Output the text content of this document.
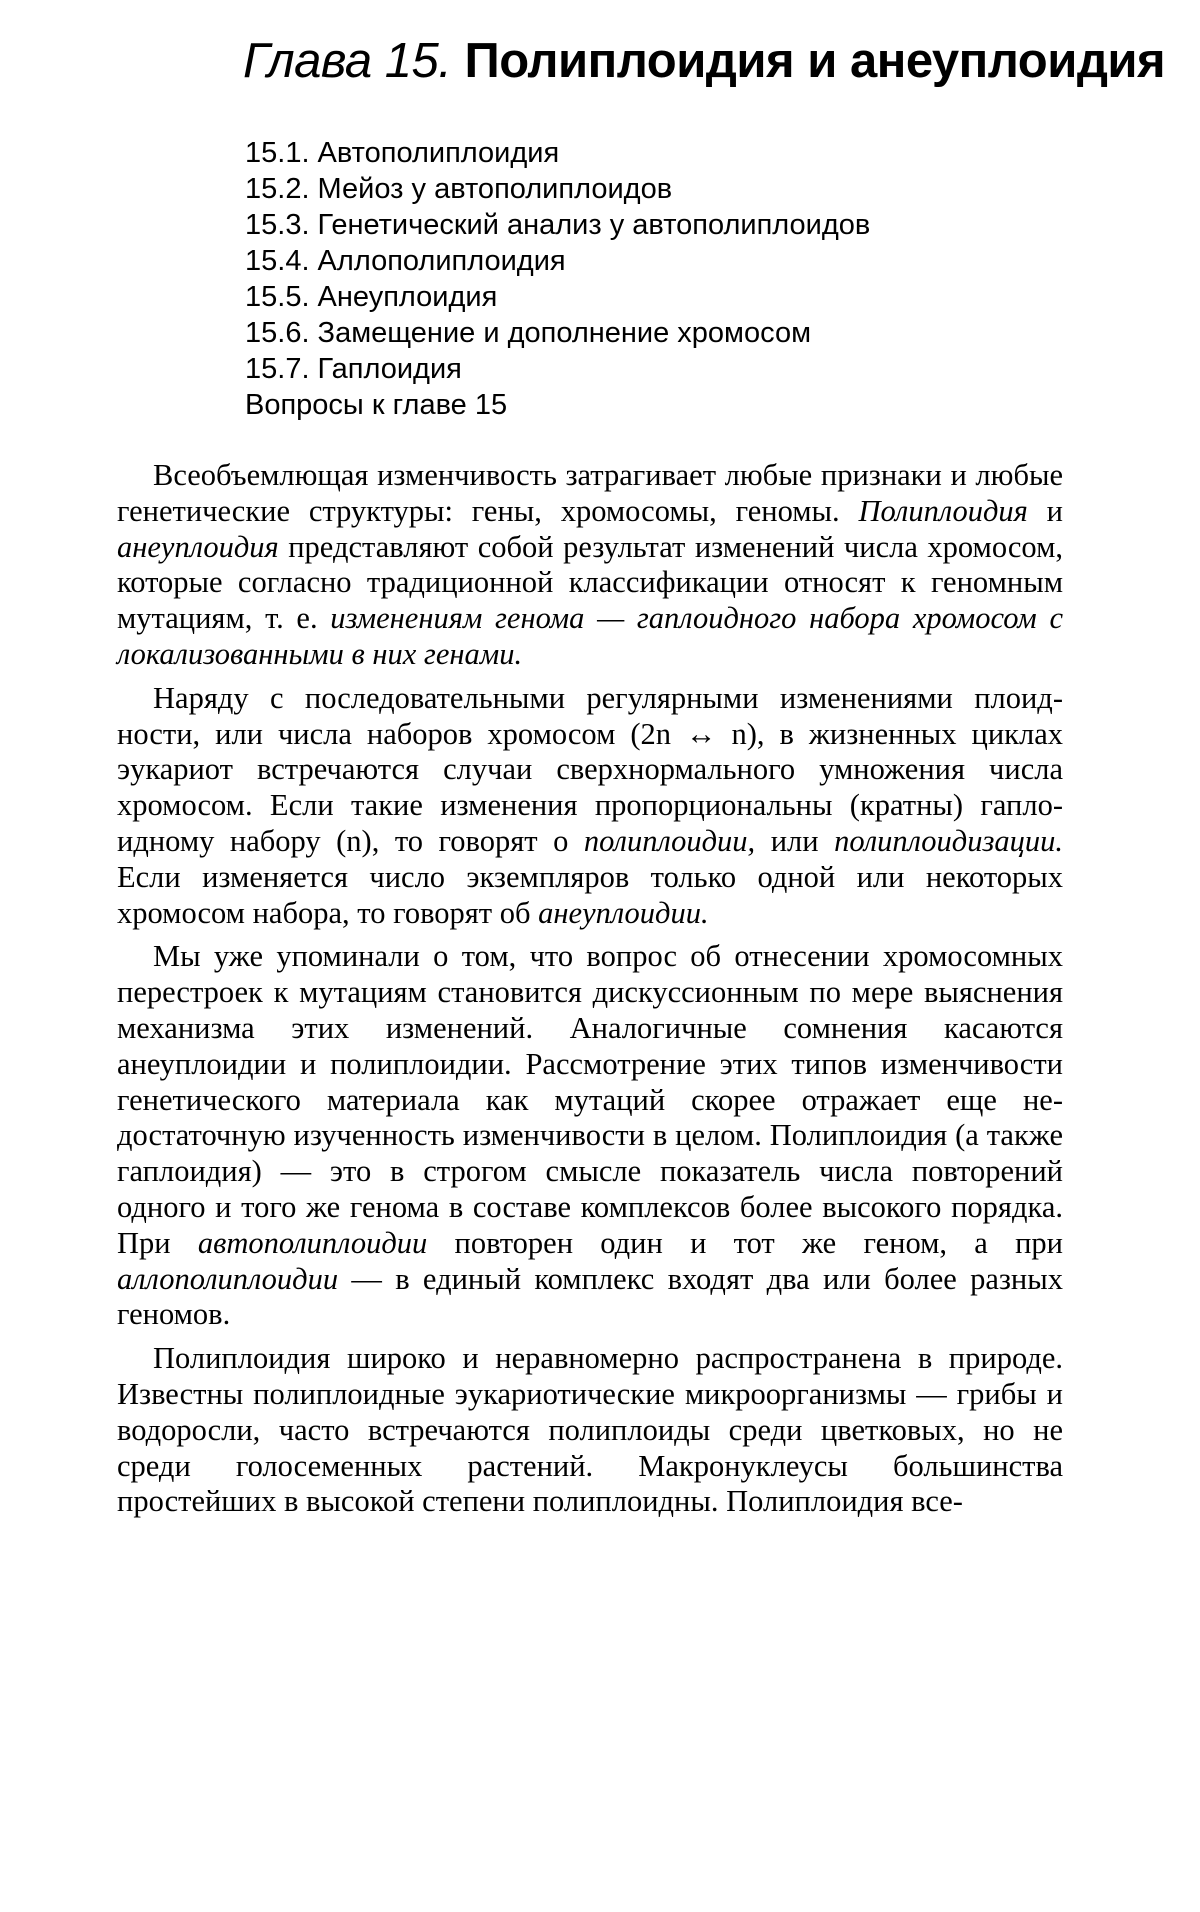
Глава 15. Полиплоидия и анеуплоидия
15.1. Автополиплоидия
15.2. Мейоз у автополиплоидов
15.3. Генетический анализ у автополиплоидов
15.4. Аллополиплоидия
15.5. Анеуплоидия
15.6. Замещение и дополнение хромосом
15.7. Гаплоидия
Вопросы к главе 15

Всеобъемлющая изменчивость затрагивает любые признаки и любые генетические структуры: гены, хромосомы, геномы. Полиплоидия и анеуплоидия представляют собой результат изменений числа хромосом, которые согласно традиционной классификации относят к геномным мутациям, т. е. изменениям генома — гаплоидного набора хромосом с локализованными в них генами.

Наряду с последовательными регулярными изменениями плоидности, или числа наборов хромосом (2n ↔ n), в жизненных циклах эукариот встречаются случаи сверхнормального умножения числа хромосом. Если такие изменения пропорциональны (кратны) гаплоидному набору (n), то говорят о полиплоидии, или полиплоидизации. Если изменяется число экземпляров только одной или некоторых хромосом набора, то говорят об анеуплоидии.

Мы уже упоминали о том, что вопрос об отнесении хромосомных перестроек к мутациям становится дискуссионным по мере выяснения механизма этих изменений. Аналогичные сомнения касаются анеуплоидии и полиплоидии. Рассмотрение этих типов изменчивости генетического материала как мутаций скорее отражает еще недостаточную изученность изменчивости в целом. Полиплоидия (а также гаплоидия) — это в строгом смысле показатель числа повторений одного и того же генома в составе комплексов более высокого порядка. При автополиплоидии повторен один и тот же геном, а при аллополиплоидии — в единый комплекс входят два или более разных геномов.

Полиплоидия широко и неравномерно распространена в природе. Известны полиплоидные эукариотические микроорганизмы — грибы и водоросли, часто встречаются полиплоиды среди цветковых, но не среди голосеменных растений. Макронуклеусы большинства простейших в высокой степени полиплоидны. Полиплоидия все-
